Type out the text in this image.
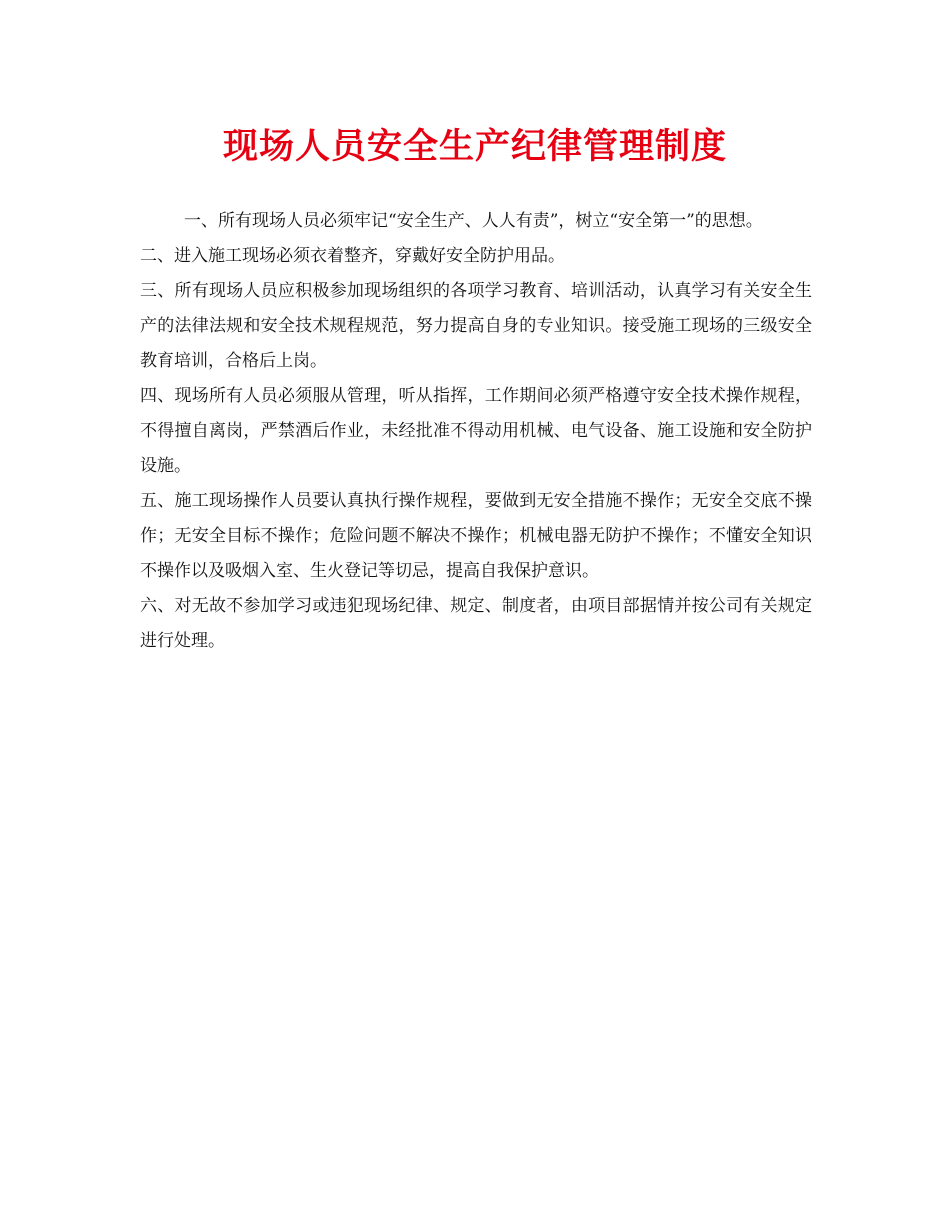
现场人员安全生产纪律管理制度

一、所有现场人员必须牢记“安全生产、人人有责”，树立“安全第一”的思想。

二、进入施工现场必须衣着整齐，穿戴好安全防护用品。

三、所有现场人员应积极参加现场组织的各项学习教育、培训活动，认真学习有关安全生产的法律法规和安全技术规程规范，努力提高自身的专业知识。接受施工现场的三级安全教育培训，合格后上岗。

四、现场所有人员必须服从管理，听从指挥，工作期间必须严格遵守安全技术操作规程，不得擅自离岗，严禁酒后作业，未经批准不得动用机械、电气设备、施工设施和安全防护设施。

五、施工现场操作人员要认真执行操作规程，要做到无安全措施不操作；无安全交底不操作；无安全目标不操作；危险问题不解决不操作；机械电器无防护不操作；不懂安全知识不操作以及吸烟入室、生火登记等切忌，提高自我保护意识。

六、对无故不参加学习或违犯现场纪律、规定、制度者，由项目部据情并按公司有关规定进行处理。
